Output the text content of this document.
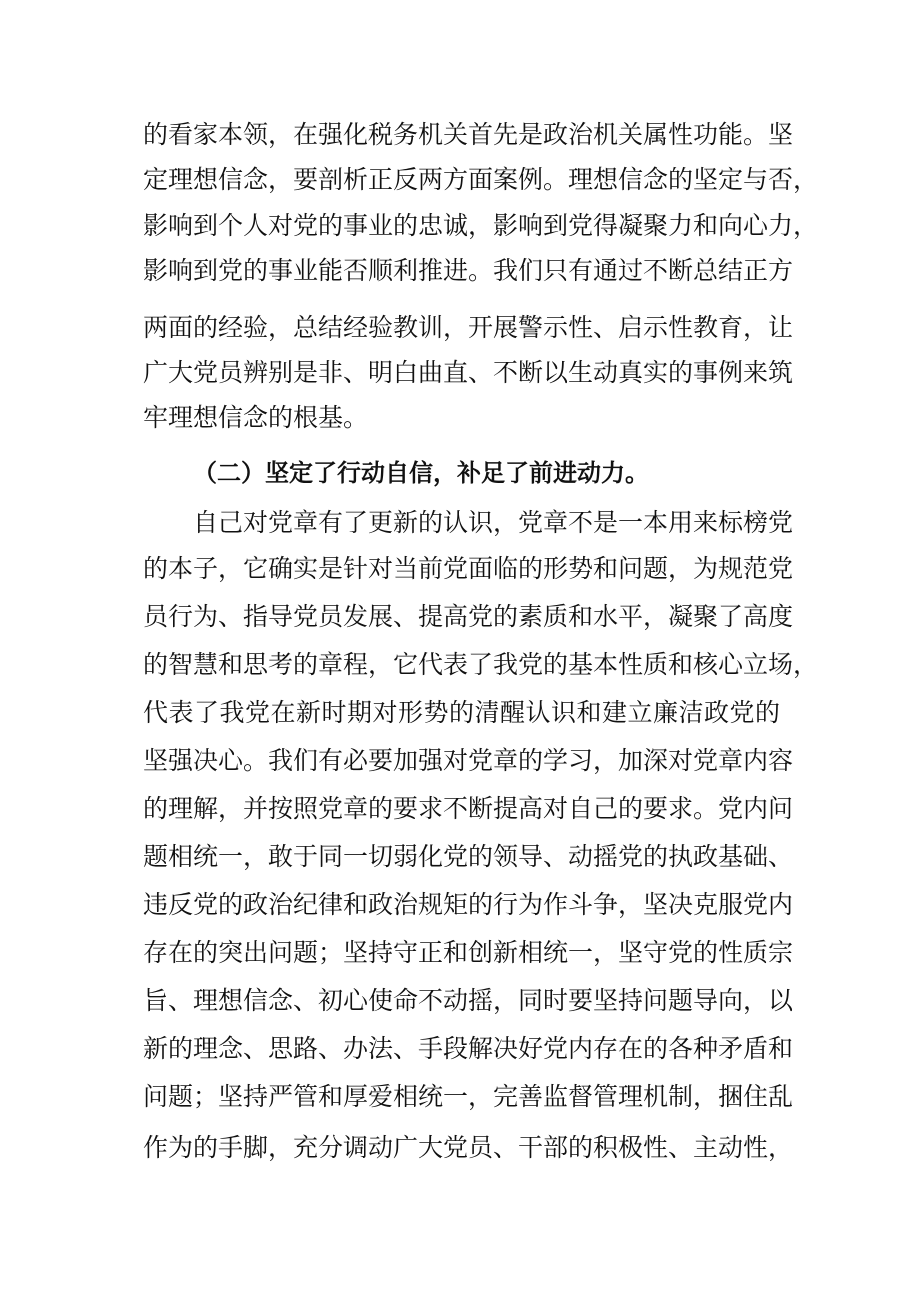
的看家本领，在强化税务机关首先是政治机关属性功能。坚
定理想信念，要剖析正反两方面案例。理想信念的坚定与否，
影响到个人对党的事业的忠诚，影响到党得凝聚力和向心力，
影响到党的事业能否顺利推进。我们只有通过不断总结正方
两面的经验，总结经验教训，开展警示性、启示性教育，让
广大党员辨别是非、明白曲直、不断以生动真实的事例来筑
牢理想信念的根基。
（二）坚定了行动自信，补足了前进动力。
自己对党章有了更新的认识，党章不是一本用来标榜党
的本子，它确实是针对当前党面临的形势和问题，为规范党
员行为、指导党员发展、提高党的素质和水平，凝聚了高度
的智慧和思考的章程，它代表了我党的基本性质和核心立场，
代表了我党在新时期对形势的清醒认识和建立廉洁政党的
坚强决心。我们有必要加强对党章的学习，加深对党章内容
的理解，并按照党章的要求不断提高对自己的要求。党内问
题相统一，敢于同一切弱化党的领导、动摇党的执政基础、
违反党的政治纪律和政治规矩的行为作斗争，坚决克服党内
存在的突出问题；坚持守正和创新相统一，坚守党的性质宗
旨、理想信念、初心使命不动摇，同时要坚持问题导向，以
新的理念、思路、办法、手段解决好党内存在的各种矛盾和
问题；坚持严管和厚爱相统一，完善监督管理机制，捆住乱
作为的手脚，充分调动广大党员、干部的积极性、主动性，
